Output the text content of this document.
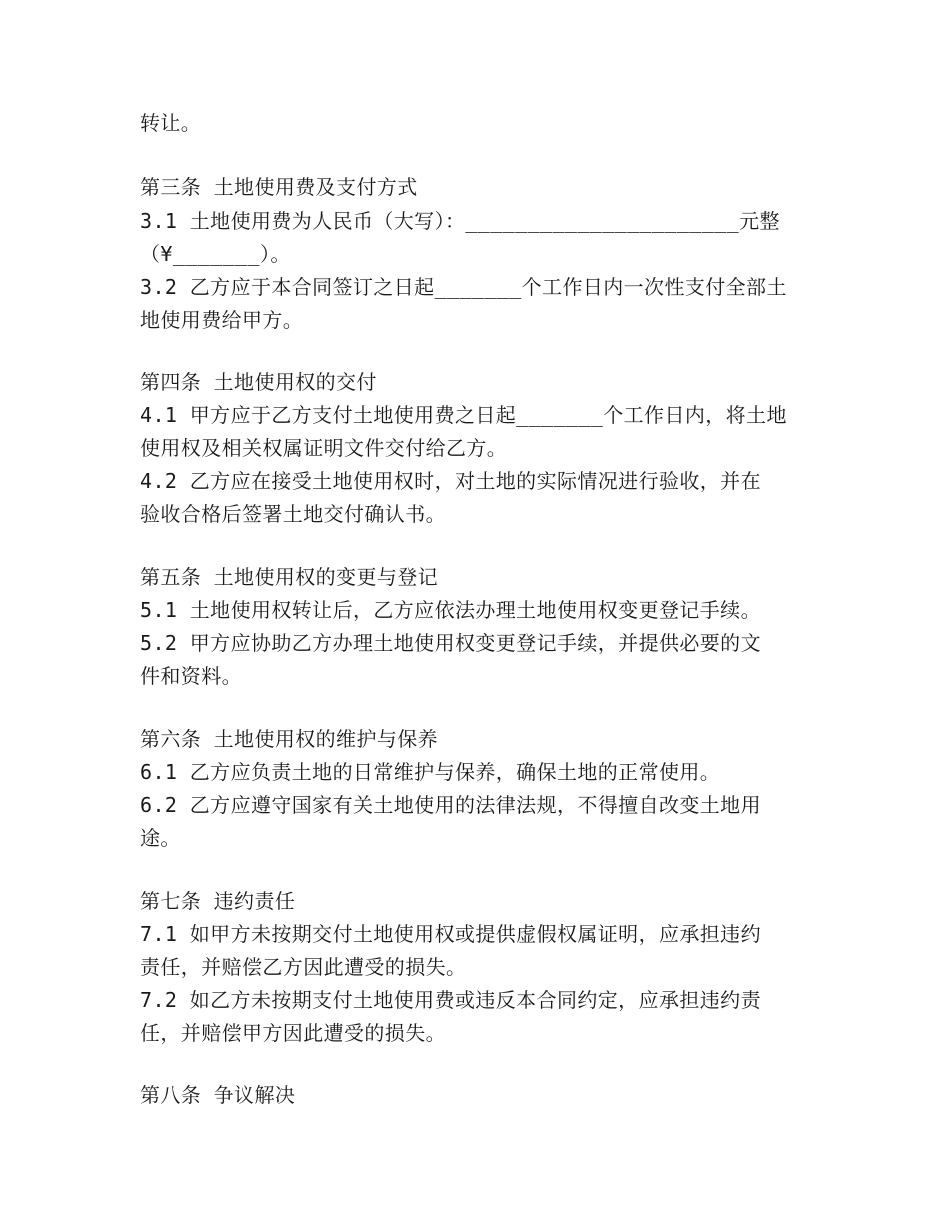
转让。
第三条 土地使用费及支付方式
3.1 土地使用费为人民币（大写）：______________________元整
（¥_______）。
3.2 乙方应于本合同签订之日起_______个工作日内一次性支付全部土
地使用费给甲方。
第四条 土地使用权的交付
4.1 甲方应于乙方支付土地使用费之日起_______个工作日内，将土地
使用权及相关权属证明文件交付给乙方。
4.2 乙方应在接受土地使用权时，对土地的实际情况进行验收，并在
验收合格后签署土地交付确认书。
第五条 土地使用权的变更与登记
5.1 土地使用权转让后，乙方应依法办理土地使用权变更登记手续。
5.2 甲方应协助乙方办理土地使用权变更登记手续，并提供必要的文
件和资料。
第六条 土地使用权的维护与保养
6.1 乙方应负责土地的日常维护与保养，确保土地的正常使用。
6.2 乙方应遵守国家有关土地使用的法律法规，不得擅自改变土地用
途。
第七条 违约责任
7.1 如甲方未按期交付土地使用权或提供虚假权属证明，应承担违约
责任，并赔偿乙方因此遭受的损失。
7.2 如乙方未按期支付土地使用费或违反本合同约定，应承担违约责
任，并赔偿甲方因此遭受的损失。
第八条 争议解决
